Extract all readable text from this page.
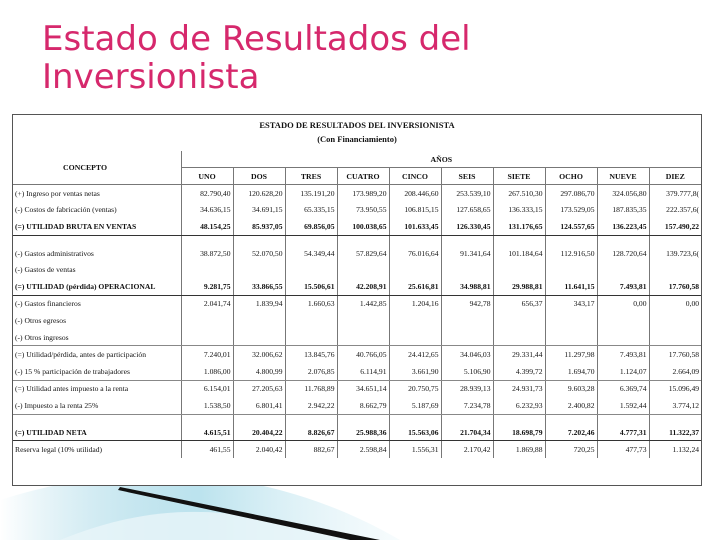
Estado de Resultados del
Inversionista
ESTADO DE RESULTADOS DEL INVERSIONISTA
(Con Financiamiento)
CONCEPTO	AÑOS									
	UNO	DOS	TRES	CUATRO	CINCO	SEIS	SIETE	OCHO	NUEVE	DIEZ
(+) Ingreso por ventas netas	82.790,40	120.628,20	135.191,20	173.989,20	208.446,60	253.539,10	267.510,30	297.086,70	324.056,80	379.777,8(
(-) Costos de fabricación (ventas)	34.636,15	34.691,15	65.335,15	73.950,55	106.815,15	127.658,65	136.333,15	173.529,05	187.835,35	222.357,6(
(=) UTILIDAD BRUTA EN VENTAS	48.154,25	85.937,05	69.856,05	100.038,65	101.633,45	126.330,45	131.176,65	124.557,65	136.223,45	157.490,22

(-) Gastos administrativos	38.872,50	52.070,50	54.349,44	57.829,64	76.016,64	91.341,64	101.184,64	112.916,50	128.720,64	139.723,6(
(-) Gastos de ventas										
(=) UTILIDAD (pérdida) OPERACIONAL	9.281,75	33.866,55	15.506,61	42.208,91	25.616,81	34.988,81	29.988,81	11.641,15	7.493,81	17.760,58
(-) Gastos financieros	2.041,74	1.839,94	1.660,63	1.442,85	1.204,16	942,78	656,37	343,17	0,00	0,00
(-) Otros egresos										
(-) Otros ingresos										
(=) Utilidad/pérdida, antes de participación	7.240,01	32.006,62	13.845,76	40.766,05	24.412,65	34.046,03	29.331,44	11.297,98	7.493,81	17.760,58
(-) 15 % participación de trabajadores	1.086,00	4.800,99	2.076,85	6.114,91	3.661,90	5.106,90	4.399,72	1.694,70	1.124,07	2.664,09
(=) Utilidad antes impuesto a la renta	6.154,01	27.205,63	11.768,89	34.651,14	20.750,75	28.939,13	24.931,73	9.603,28	6.369,74	15.096,49
(-) Impuesto a la renta 25%	1.538,50	6.801,41	2.942,22	8.662,79	5.187,69	7.234,78	6.232,93	2.400,82	1.592,44	3.774,12

(=) UTILIDAD NETA	4.615,51	20.404,22	8.826,67	25.988,36	15.563,06	21.704,34	18.698,79	7.202,46	4.777,31	11.322,37
Reserva legal (10% utilidad)	461,55	2.040,42	882,67	2.598,84	1.556,31	2.170,42	1.869,88	720,25	477,73	1.132,24
